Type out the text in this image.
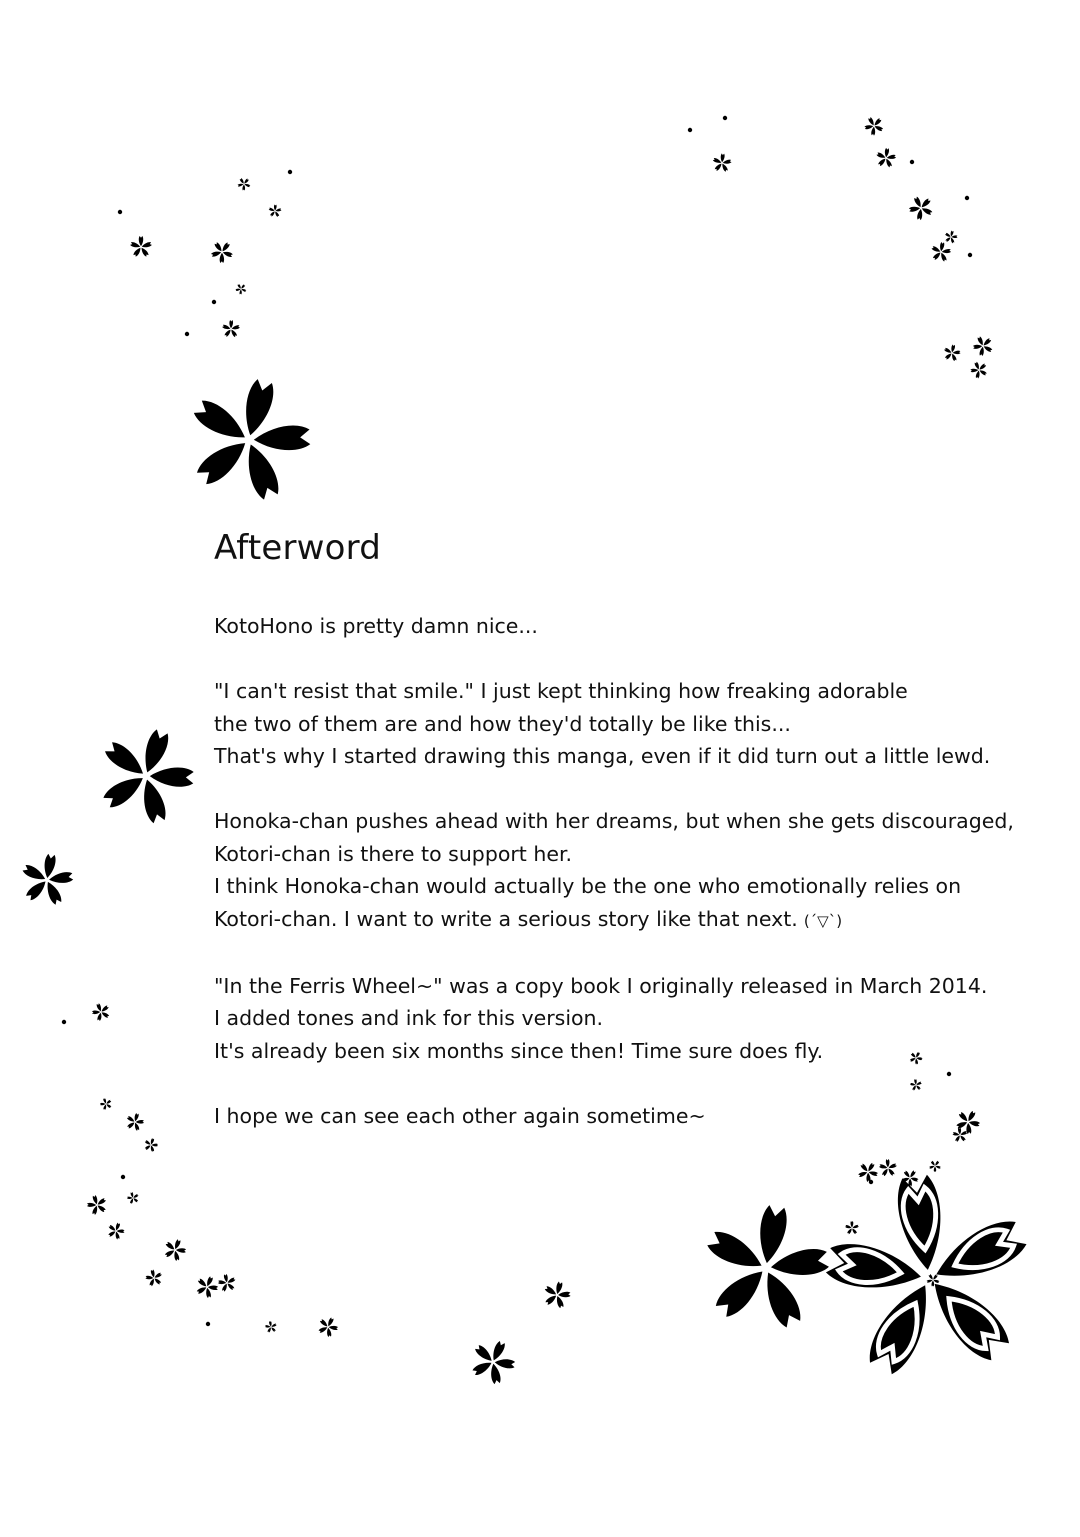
Afterword

KotoHono is pretty damn nice...

"I can't resist that smile." I just kept thinking how freaking adorable
the two of them are and how they'd totally be like this...
That's why I started drawing this manga, even if it did turn out a little lewd.

Honoka-chan pushes ahead with her dreams, but when she gets discouraged,
Kotori-chan is there to support her.
I think Honoka-chan would actually be the one who emotionally relies on
Kotori-chan. I want to write a serious story like that next. (´▽`)

"In the Ferris Wheel~" was a copy book I originally released in March 2014.
I added tones and ink for this version.
It's already been six months since then! Time sure does fly.

I hope we can see each other again sometime~
